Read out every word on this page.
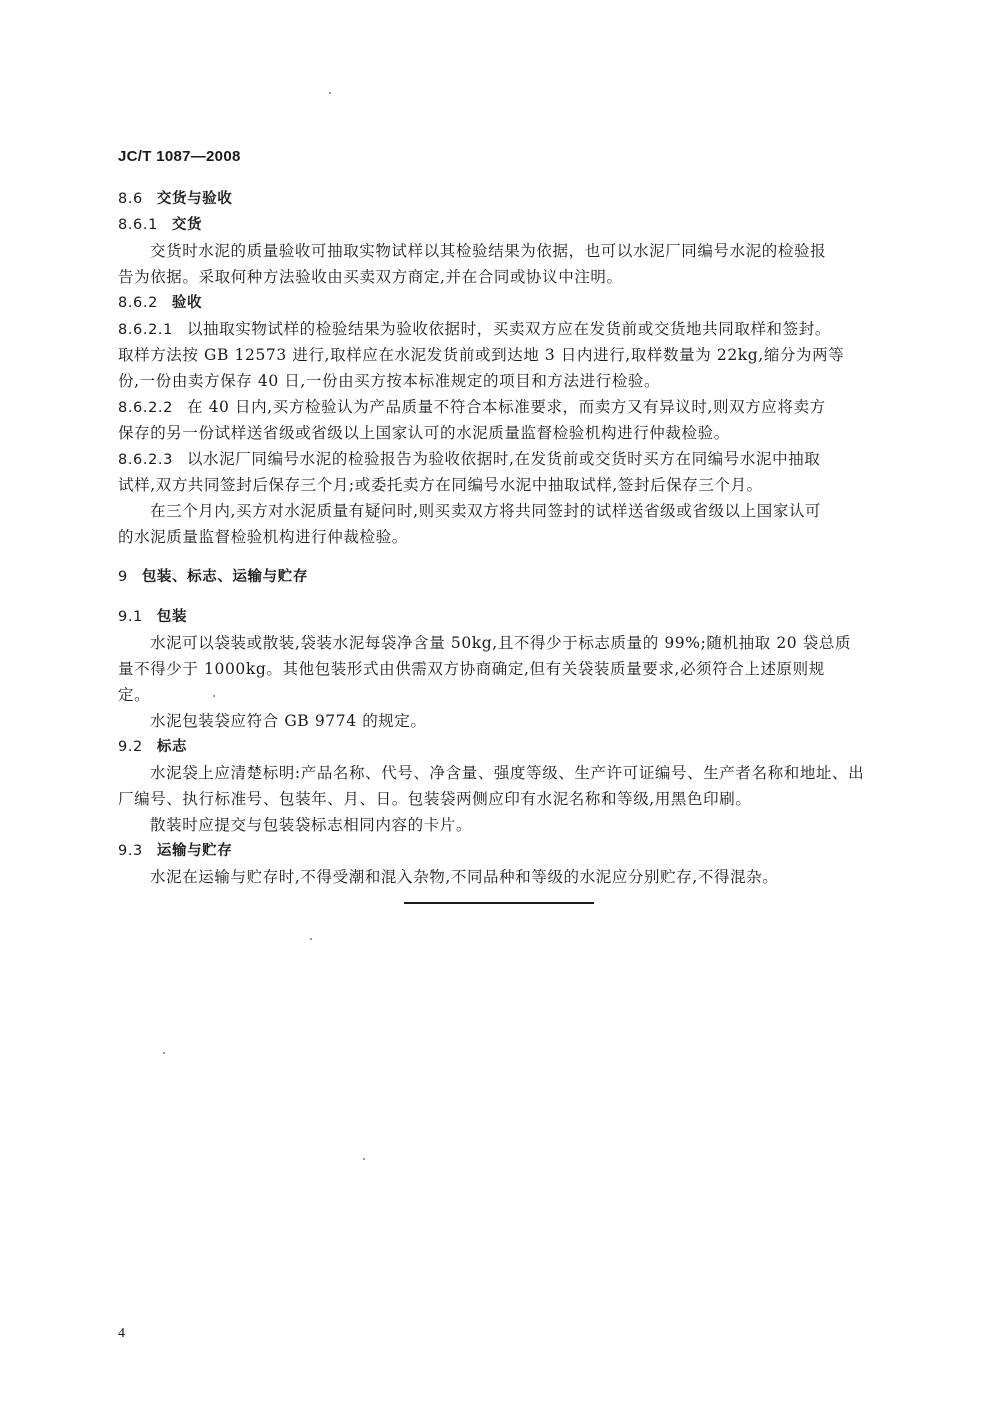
JC/T 1087—2008
8.6 交货与验收
8.6.1 交货
交货时水泥的质量验收可抽取实物试样以其检验结果为依据，也可以水泥厂同编号水泥的检验报
告为依据。采取何种方法验收由买卖双方商定,并在合同或协议中注明。
8.6.2 验收
8.6.2.1 以抽取实物试样的检验结果为验收依据时，买卖双方应在发货前或交货地共同取样和签封。
取样方法按 GB 12573 进行,取样应在水泥发货前或到达地 3 日内进行,取样数量为 22kg,缩分为两等
份,一份由卖方保存 40 日,一份由买方按本标准规定的项目和方法进行检验。
8.6.2.2 在 40 日内,买方检验认为产品质量不符合本标准要求，而卖方又有异议时,则双方应将卖方
保存的另一份试样送省级或省级以上国家认可的水泥质量监督检验机构进行仲裁检验。
8.6.2.3 以水泥厂同编号水泥的检验报告为验收依据时,在发货前或交货时买方在同编号水泥中抽取
试样,双方共同签封后保存三个月;或委托卖方在同编号水泥中抽取试样,签封后保存三个月。
在三个月内,买方对水泥质量有疑问时,则买卖双方将共同签封的试样送省级或省级以上国家认可
的水泥质量监督检验机构进行仲裁检验。
9 包装、标志、运输与贮存
9.1 包装
水泥可以袋装或散装,袋装水泥每袋净含量 50kg,且不得少于标志质量的 99%;随机抽取 20 袋总质
量不得少于 1000kg。其他包装形式由供需双方协商确定,但有关袋装质量要求,必须符合上述原则规
定。
水泥包装袋应符合 GB 9774 的规定。
9.2 标志
水泥袋上应清楚标明:产品名称、代号、净含量、强度等级、生产许可证编号、生产者名称和地址、出
厂编号、执行标准号、包装年、月、日。包装袋两侧应印有水泥名称和等级,用黑色印刷。
散装时应提交与包装袋标志相同内容的卡片。
9.3 运输与贮存
水泥在运输与贮存时,不得受潮和混入杂物,不同品种和等级的水泥应分别贮存,不得混杂。
4
